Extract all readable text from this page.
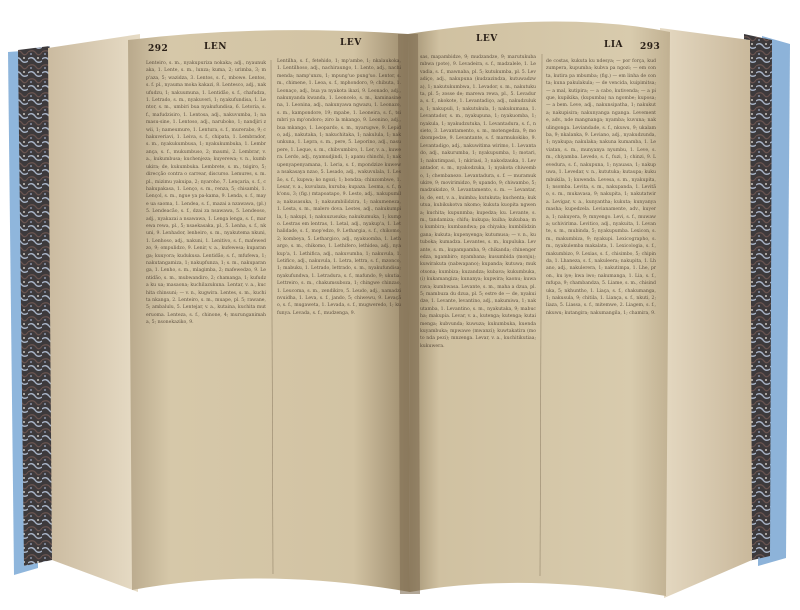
292	LEN	LEV	LEV
LIA 293
Lenteiro, s. m., nyakupuriza nokaka; adj., nyaunukaka, 1. Lente, s. m., lunza; kuma, 2; urimba, 3; mp'aza, 5; wazidza, 3. Lentos, s. f., mbowe. Lentos, s. f. pl., nyauma moka kakazi, 8. Lentesco, adj., nakufudzu, 1; nakuumuna, 1. Lentidão, s. f., chafudza, 1. Letrado, s. m., nyakuveri, 1; nyakufundisa, 1. Lentor, s. m., umbiri bua nyakufundisa, 6. Letoria, s. f., mafudzisiro, 1. Lentosa, adj., nakuvumba, 1; namasu-sine, 1. Lentoso, adj., naruboko, 1; nandjiri zwii, 1; nameumure, 1. Lentura, s. f., murerabo, 9; chakuveriavi, 1. Leiva, s. f., chipata, 1. Lembrador, s. m., nyakukumbusa, 1; nyakukumbuka, 1. Lembrança, s. f., mukumbuso, 2; maumi, 2. Lembrar, v. a., kukumbusa; kuchenjeza; kuyerewa; v. n., kumbukira; de, kukumbuka. Lembrete, s. m., tsigiro, 5; direcção contra o carrear, discurso. Lemures, s. m. pl., mizimu yakuipa, 2; nyaroho, 7. Lençaria, s. f., chakupakasa, 1. Lenço, s. m., renza, 5; chisambi, 1. Lençol, s. m., ngue ya pa-kama, 9. Lenda, s. f., maye ua saoma, 1. Lendea, s. f., mazai a nzawawa, (pl.) 5. Lendeacão, s. f., dzai za nsawawa, 5. Lendeoso, adj., nyakazai a nsawawa, 1. Lenga lenga, s. f., marewa rewa, pl., 5; nsaekasaka, pl., 5. Lenha, s. f., nkuni, 9. Lenhador, lenheiro, s. m., nyakutema nkuni, 1. Lenhoso, adj., nakuni, 1. Lenitivo, s. f., mafewedzo, 9; ompulidzo, 9. Lenir, v. a., kufewesa; kuparanga; kuuyora; kudukusa. Lentidão, s. f., mfufewa, 1; nakutangamiza, 1; nakupfunza, 1; s. m., nakuparanga, 1. Lenho, s. m., mlagimba, 2; mafewedzo, 9. Lentidão, s. m., mubwandiro, 2; chamanga, 1; kufudza ku ua; masaona; kuchilazukuna. Lentar, v. a., kuchita chinsuni; — v. n., kugwira. Lentes, s. m., kuchita nkanga, 2. Lenteiro, s. m., muape, pl. 5; rawane, 5; ambalulu, 5. Lentejar, v. a., kutaina, kuchita muteruoma. Lenteza, s. f., chinone, 4; murunganimaha, 5; nsonekaziko, 9.
Lentilha, s. f., fetehido, 1; mp'ambe, 1; nkalaukoka, 1. Lentilhoso, adj., nachiraungo, 1. Lento, adj., nachimenda; namp'unzu, 1; mpung'uo pung'uo. Lentor, s. m., chimene, 1. Leoa, s. f., mphondoro, 9; chibuta, 1. Leonaço, adj., bua ya nyakota ikazi, 9. Leonado, adj., nakunyanda kwanda, 1. Leoncelo, s. m., kaminasinena, 1. Leonina, adj., nakunyawa ngwazu, 1. Leonazo, s. m., kampondore, 19; mpabe, 1. Leoneira, s. f., tsimbri ya mp'ondoro; ziro la mkango, 9. Leonino, adj., bua mkango, 1. Leopardo, s. m., nyarugwe, 9. Lepido, adj., nakutaka, 1; nakuchitaka, 1; nakulula, 1; nakunkuna, 1. Lepra, s. m., pere, 5. Leporino, adj., nasupere, 1. Leque, s. m., chibvumbiro, 1. Ler, v. a., kuwera. Lerdo, adj., nyamudjindi, 1; apanu chinchi, 1; nakupenyapenyamana, 1. Leria, s. f., mpondzize kuwewa nsakasaya nzao, 5. Lesado, adj., wakuvulala, 1. Lesão, s. f., kupwa; ko ngozi; 1; bondza; chinzombwe, 1. Lesar, v. a., kuvulaza, kuruba; kupaza. Lesma, s. f., nk'onu, 3; (fig.) mtapoatapo, 9. Lesto, adj., nakupumila; nakusasuka, 1; nakuumbilidzira, 1; nakumeneza, 1. Lesta, s. m., malero dova. Lestes, adj., nakukumpila, 1; nakupi, 1; nakuuzusuka; nakukumuka, 1; kumpo. Lestras em lentras, 1. Letal, adj., nyakup'a, 1. Lethalidade, s. f., mop'edzo, 9. Lethargia, s. f., chikomo, 2; kombeya, 5. Lethargico, adj., nyakuomba, 1. Lethargo, s. m., chikomo, 1. Lethifero, lethidea, adj., nyakup'a, 1. Lethifica, adj., nakuvumba, 1; nakuvula, 1. Letifico, adj., nakuvula, 1. Letra, lettra, s. f., mzonco, 1; mabuku, 1. Letrado, lettrado, s. m., nyakufundisa; nyakufundwa, 1. Letradura, s. f., mafundo, 9; ukutia. Lettreiro, s. m., chakumsuboza, 1; chingwe chinzao, 1. Leucoma, s. m., zendikiro, 5. Leudo, adj., namadzinvuidha, 1. Leva, s. f., jando, 5; chiwewu, 9. Levação, s. f., mugaweta, 1. Levada, s. f., mugweredo, 1; kufunya. Levada, s. f., mudzenga, 9.
sas, mapambidze, 9; mudzandze, 9; marutukubambwa (pote), 9. Levadeira, s. f., madzalele, 1. Levadia, s. f., mawnaba, pl. 5; kutukumba, pl. 5. Levadiço, adj., nakupuna (kudzazindza, kutuwadzwa), 1; nakutukumbwa, 1. Levador, s. m., nakutukuta, pl. 5; zosse de; marewa rewa, pl., 5. Levadura, s. f., nkokote, 1. Levantadiço, adj., nakudzuluka, 1; nakupuli, 1; nakutukula, 1; nakukumana, 1. Levantador, s. m., nyakupuna, 1; nyakuomba, 1; nyakula, 1; nyakudzutuka, 1. Levantadura, s. f., nsieto, 3. Levantamento, s. m., motengedza, 9; modzompedze, 9. Levantante, s. f. marmukokiko, 9. Levantadigo, adj., nakuwitima wirimo, 1. Levantado, adj., nakurumba, 1; nyakupumba, 1; motari, 1; nakutimpasi, 1; nkiriasi, 3; nakodzauka, 1. Levantador, s. m., nyakodzuka, 1; nyakota chiwembo, 1; chembanezo. Levantadura, s. f. — muramukukire, 9; movirimidzo, 9; upando, 9; chiwambo, 5; madzukidzo, 9. Levantamento, s. m. — Levantar, lo, de, ent, v. a., kuimba; kutukuta; kuchenta; kukutua, kubikukotva nkomo; kukuta kuopita ngwena; kuchita; kupunmba; kupedza; ku. Levante, s. m., tandamiza; chifu; kukupa; kuiba; kukubaa; mu kumbira; kumbandwa; pa chiyaka; kumbilidzingana; kukuta; kupenyenga; kutumusa; — v. n., kutuboka; kumadza. Levantes, s. m., kupuluka. Levante, s. m., kupampamba, 9; chikanda; chinengeredza, ngambiro; nyambana; kusumbida (monju); kuwirakuta (nabwapano); kupanda; kutuwa; mukotsona; kumbiza; kuzandza; kubava; kukumbuka, (i) kukamangiza; kunanya; kupwira; kaonu; kuwarava; kumbwasa. Levante, s. m., maha a dzua, pl. 5; mambuza du dzua, pl. 5; estre de — de, nyakuidze, 1. Levante, levantino, adj., nakumiwa, 1; nakutamba, 1. Levantino, s. m., nyakutaka, 9; mabucha; makupia. Levar, v. a., kutenga; kutenga; kutaimenga; kubvunda; kuwuza; kukumbuka, kuenda kuyambuka; mpwawe (mwanzi); kuwtakatira (moto nda pezi); mnzenga. Levar, v. a., kuchitikutiaa; kukuwera.
de costas, kukuta ku ndesya; — por força, kudzumpera, kupumba; kubva pa ngozi; — em conta, kutira pa mbumba; (fig.) — em linha de conta; kuna pakulakula; — de vencida, kuipimitsa; — a mal, kutipira; — a cabo, kutivenda; — a pique, kupikika, (kupumba) na ngombe; kuposa; — a bem. Leve, adj., nakunsipatha, 1; nakukuta; nakupisira; nakunyanga nganga. Levemente, adv., nde mangnanga; nyamba; kuvuna; nakulingonga. Leviandade, s. f., nkuwu, 9; ukalamba, 9; nkalanka, 9. Leviano, adj., nyakudzunda, 1; nyakupa; nakulaka; nakuna kumamba, 1. Leviatan, s. m., munyanya nyumbu, 1. Leve, s. m., chiyamba. Levedo, s. f., fuzi, 1; chinzi, 9. Levedura, s. f., nakupuna, 1; nyauasa, 1; nakupuwa, 1. Levedar, v. n., kututuka; kutaupa; kukumbukila, 1; kuwenda. Levesa, s. m., nyakupita, 1; nsomba. Levita, s. m., nakupanda, 1. Levitão, s. m., mukavasa, 9; nakupita, 1; nakutatwira. Levigar, v. a., kunyantha; kukuta; kunyanyamasha; kupedzela. Levianamente, adv., kuyera, 1; nakuyera, 9; mnyengo. Levi, s. f., muwawa; uchivirima. Levitico, adj., nyakuita, 1. Levante, s. m., mubinda, 5; nyakupumba. Lexicon, s. m., makumbiza, 9; nyakupi. Lexicographo, s. m., nyakulemba makalata, 1. Lexicologia, s. f., makumbizo, 9. Lexias, s. f., chisimbo, 5; chipinda, 1. Lhaneza, s. f., nakuleera; nakupita, 1. Lhano, adj., nakulerera, 1; nakutimpa, 1. Lhe, pron., ku iye; kwa iwo; nakumanga, 1. Lia, s. f., mfupa, 9; chambandza, 5. Liame, s. m., chisinduka, 5; nkhuntho, 1. Liaça, s. f., chakumanga, 1; nakusula, 9; chitila, 1. Liança, s. f., nkuti, 2; liaza, 5. Liassa, s. f., mitemwe, 2. Liagem, s. f., nkuwu; kutangira; nakumangila, 1; chamira, 9.
